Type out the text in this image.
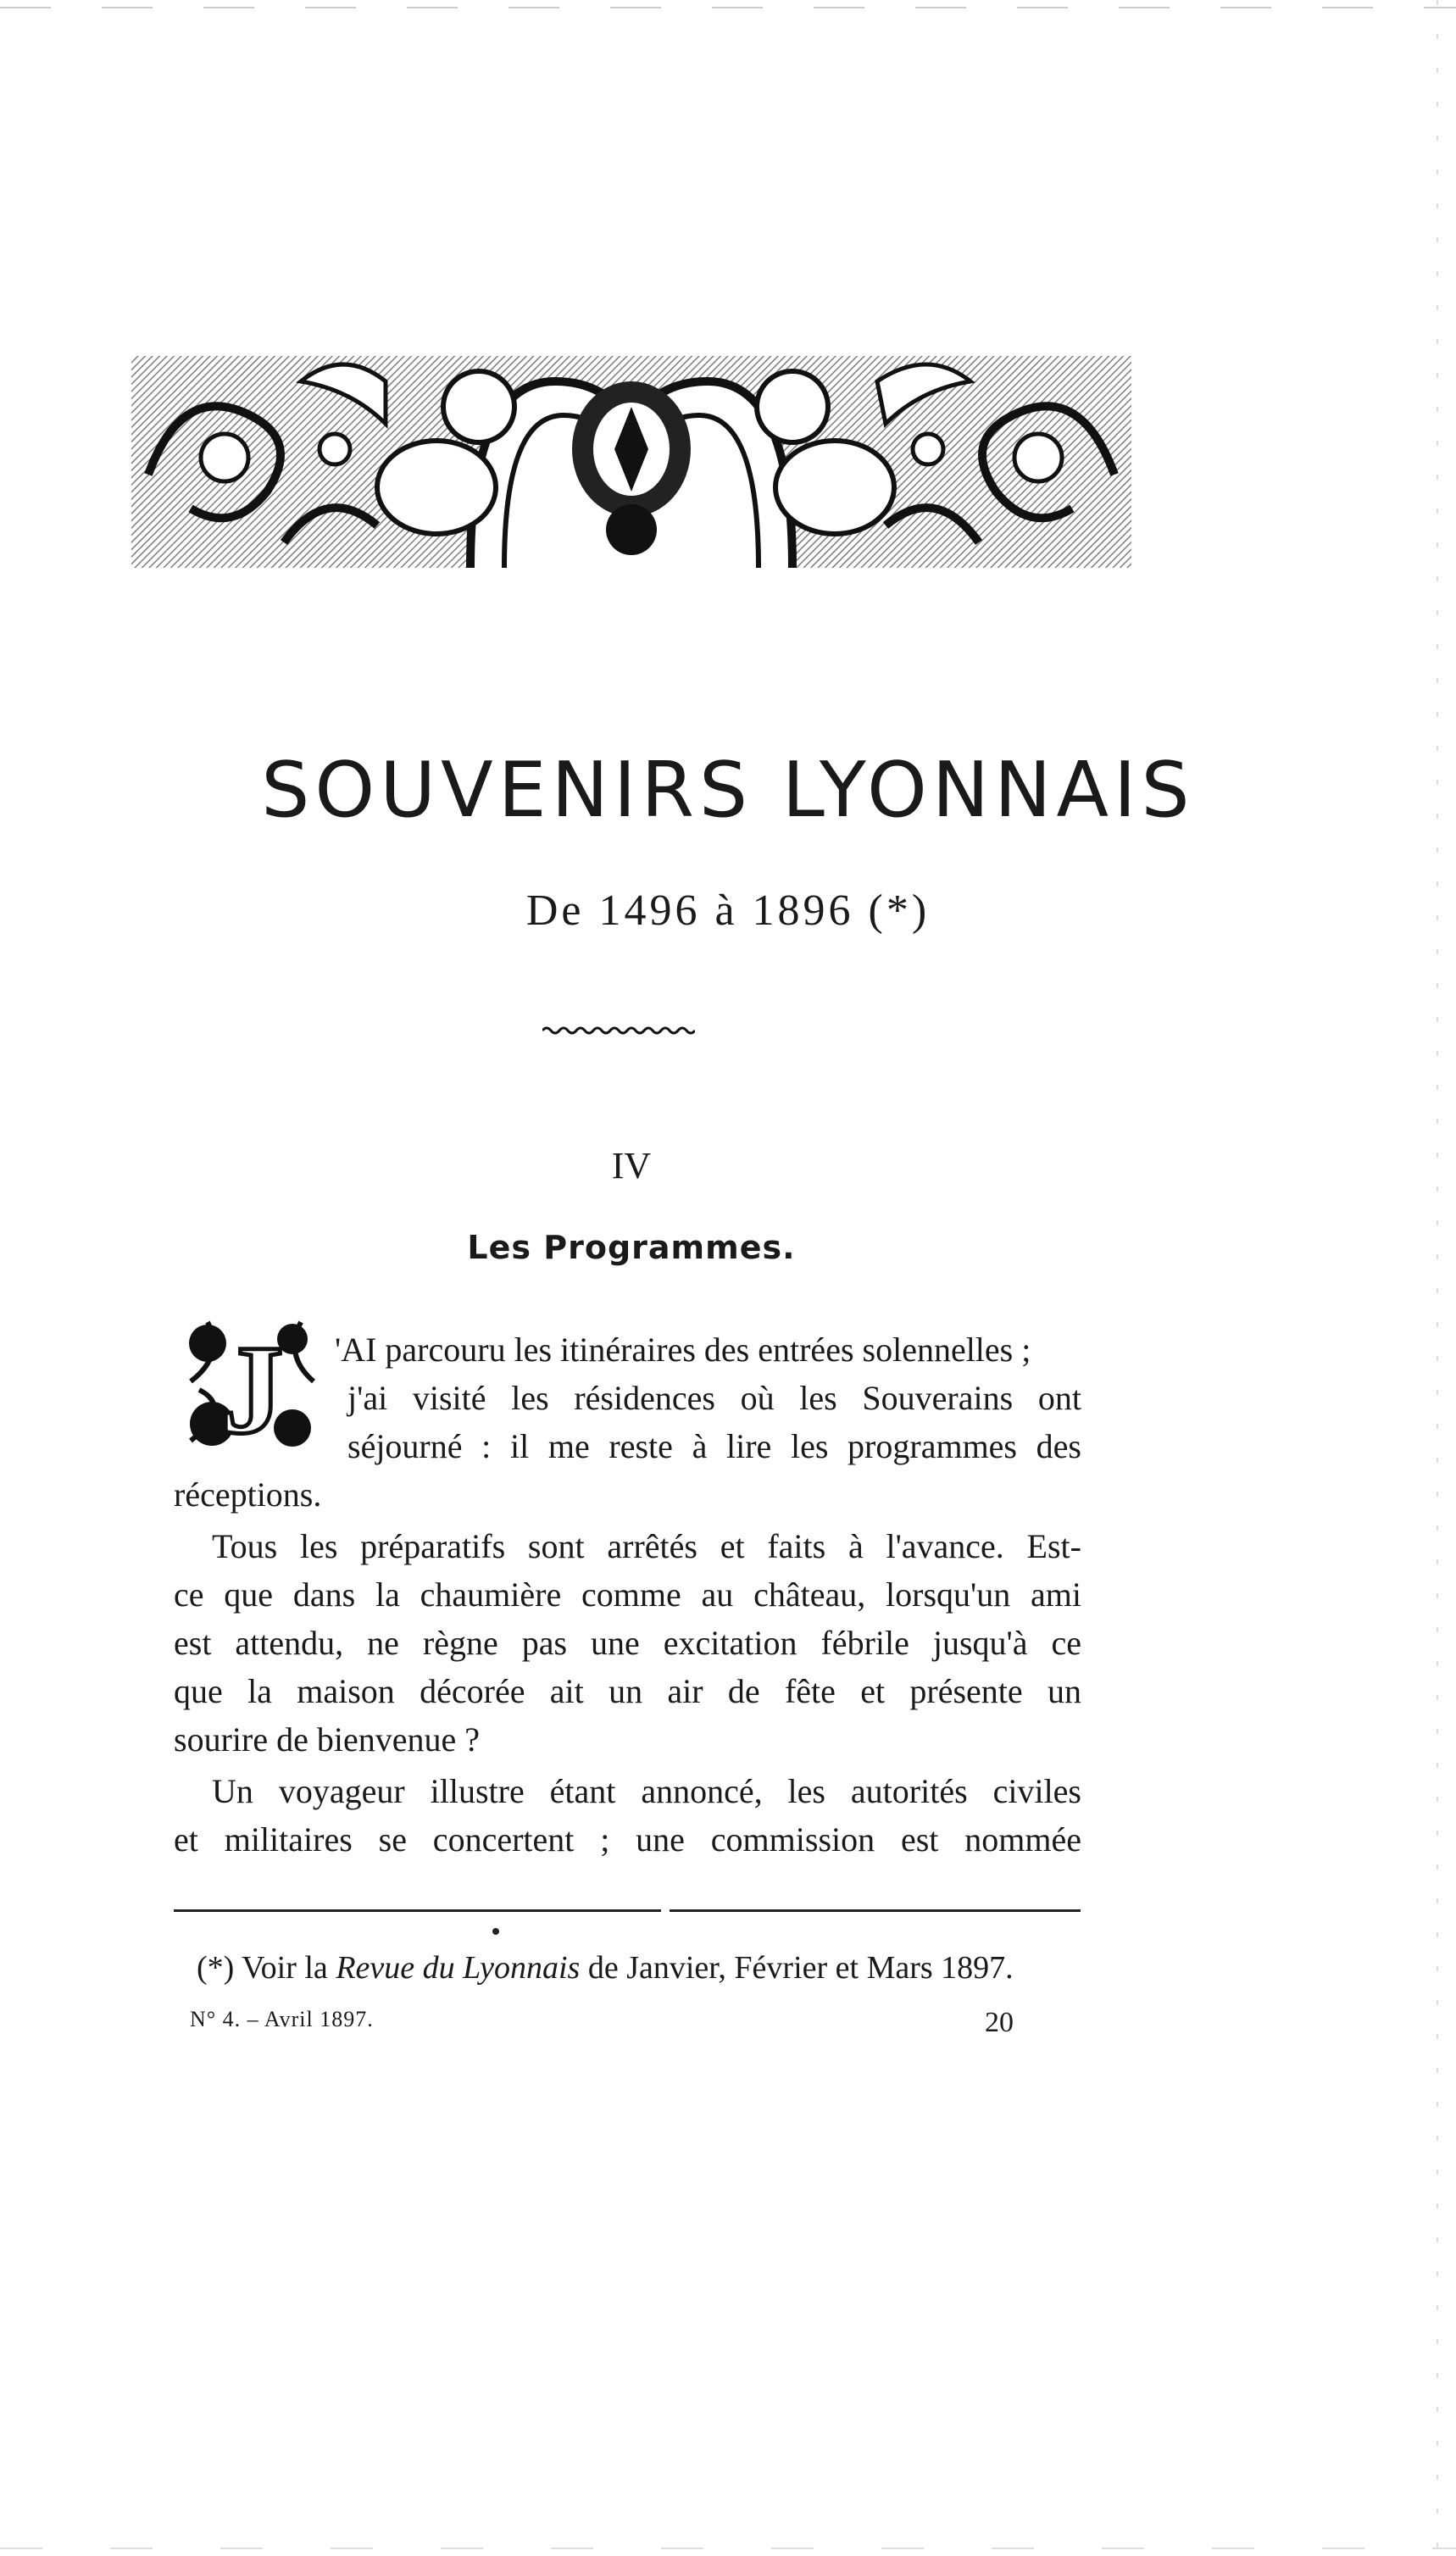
SOUVENIRS LYONNAIS
De 1496 à 1896 (*)
IV
Les Programmes.
J 'AI parcouru les itinéraires des entrées solennelles ;
j'ai visité les résidences où les Souverains ont
séjourné : il me reste à lire les programmes des
réceptions.
Tous les préparatifs sont arrêtés et faits à l'avance. Est-
ce que dans la chaumière comme au château, lorsqu'un ami
est attendu, ne règne pas une excitation fébrile jusqu'à ce
que la maison décorée ait un air de fête et présente un
sourire de bienvenue ?
Un voyageur illustre étant annoncé, les autorités civiles
et militaires se concertent ; une commission est nommée
(*) Voir la Revue du Lyonnais de Janvier, Février et Mars 1897.
N° 4. – Avril 1897.	20
